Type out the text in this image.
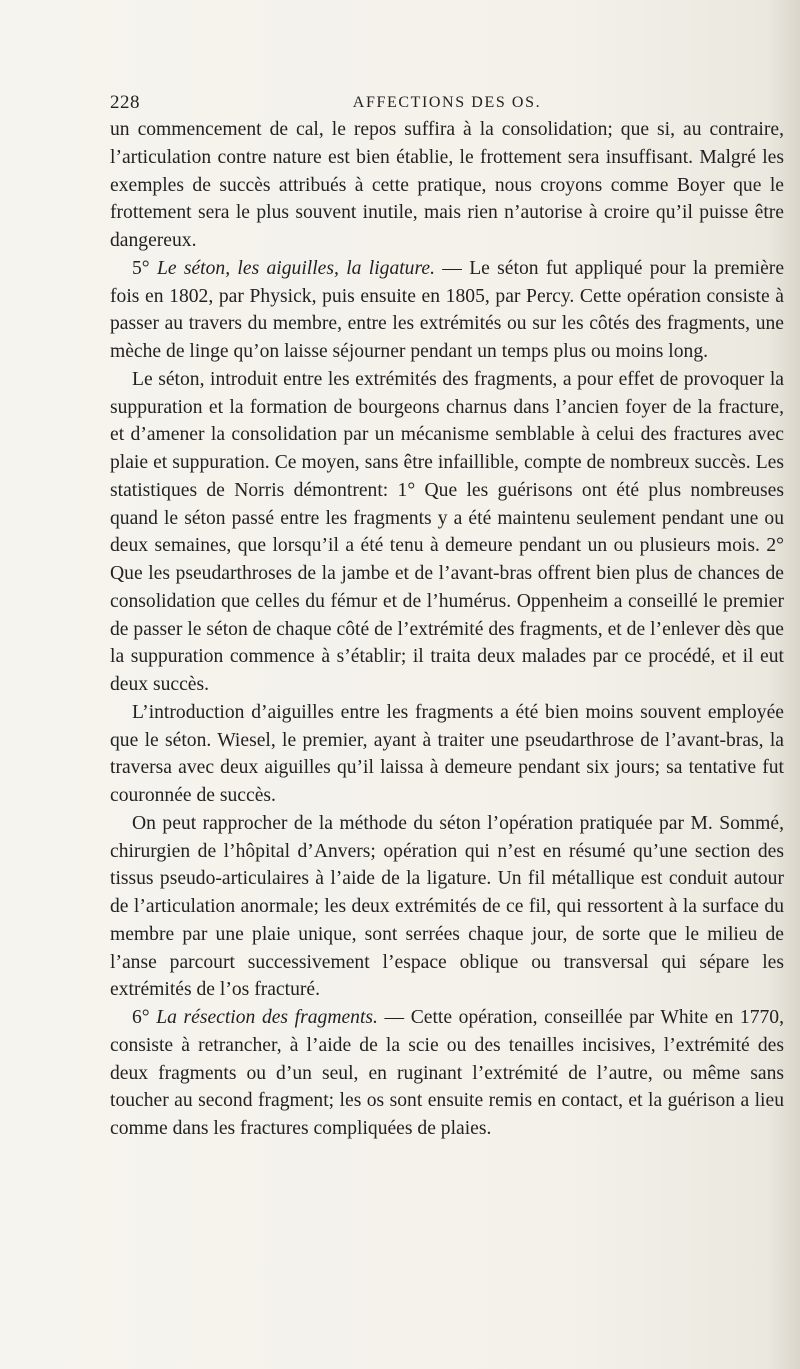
228	AFFECTIONS DES OS.

un commencement de cal, le repos suffira à la consolidation; que si, au contraire, l’articulation contre nature est bien établie, le frottement sera insuffisant. Malgré les exemples de succès attribués à cette pratique, nous croyons comme Boyer que le frottement sera le plus souvent inutile, mais rien n’autorise à croire qu’il puisse être dangereux.

5° Le séton, les aiguilles, la ligature. — Le séton fut appliqué pour la première fois en 1802, par Physick, puis ensuite en 1805, par Percy. Cette opération consiste à passer au travers du membre, entre les extrémités ou sur les côtés des fragments, une mèche de linge qu’on laisse séjourner pendant un temps plus ou moins long.

Le séton, introduit entre les extrémités des fragments, a pour effet de provoquer la suppuration et la formation de bourgeons charnus dans l’ancien foyer de la fracture, et d’amener la consolidation par un mécanisme semblable à celui des fractures avec plaie et suppuration. Ce moyen, sans être infaillible, compte de nombreux succès. Les statistiques de Norris démontrent: 1° Que les guérisons ont été plus nombreuses quand le séton passé entre les fragments y a été maintenu seulement pendant une ou deux semaines, que lorsqu’il a été tenu à demeure pendant un ou plusieurs mois. 2° Que les pseudarthroses de la jambe et de l’avant-bras offrent bien plus de chances de consolidation que celles du fémur et de l’humérus. Oppenheim a conseillé le premier de passer le séton de chaque côté de l’extrémité des fragments, et de l’enlever dès que la suppuration commence à s’établir; il traita deux malades par ce procédé, et il eut deux succès.

L’introduction d’aiguilles entre les fragments a été bien moins souvent employée que le séton. Wiesel, le premier, ayant à traiter une pseudarthrose de l’avant-bras, la traversa avec deux aiguilles qu’il laissa à demeure pendant six jours; sa tentative fut couronnée de succès.

On peut rapprocher de la méthode du séton l’opération pratiquée par M. Sommé, chirurgien de l’hôpital d’Anvers; opération qui n’est en résumé qu’une section des tissus pseudo-articulaires à l’aide de la ligature. Un fil métallique est conduit autour de l’articulation anormale; les deux extrémités de ce fil, qui ressortent à la surface du membre par une plaie unique, sont serrées chaque jour, de sorte que le milieu de l’anse parcourt successivement l’espace oblique ou transversal qui sépare les extrémités de l’os fracturé.

6° La résection des fragments. — Cette opération, conseillée par White en 1770, consiste à retrancher, à l’aide de la scie ou des tenailles incisives, l’extrémité des deux fragments ou d’un seul, en ruginant l’extrémité de l’autre, ou même sans toucher au second fragment; les os sont ensuite remis en contact, et la guérison a lieu comme dans les fractures compliquées de plaies.
